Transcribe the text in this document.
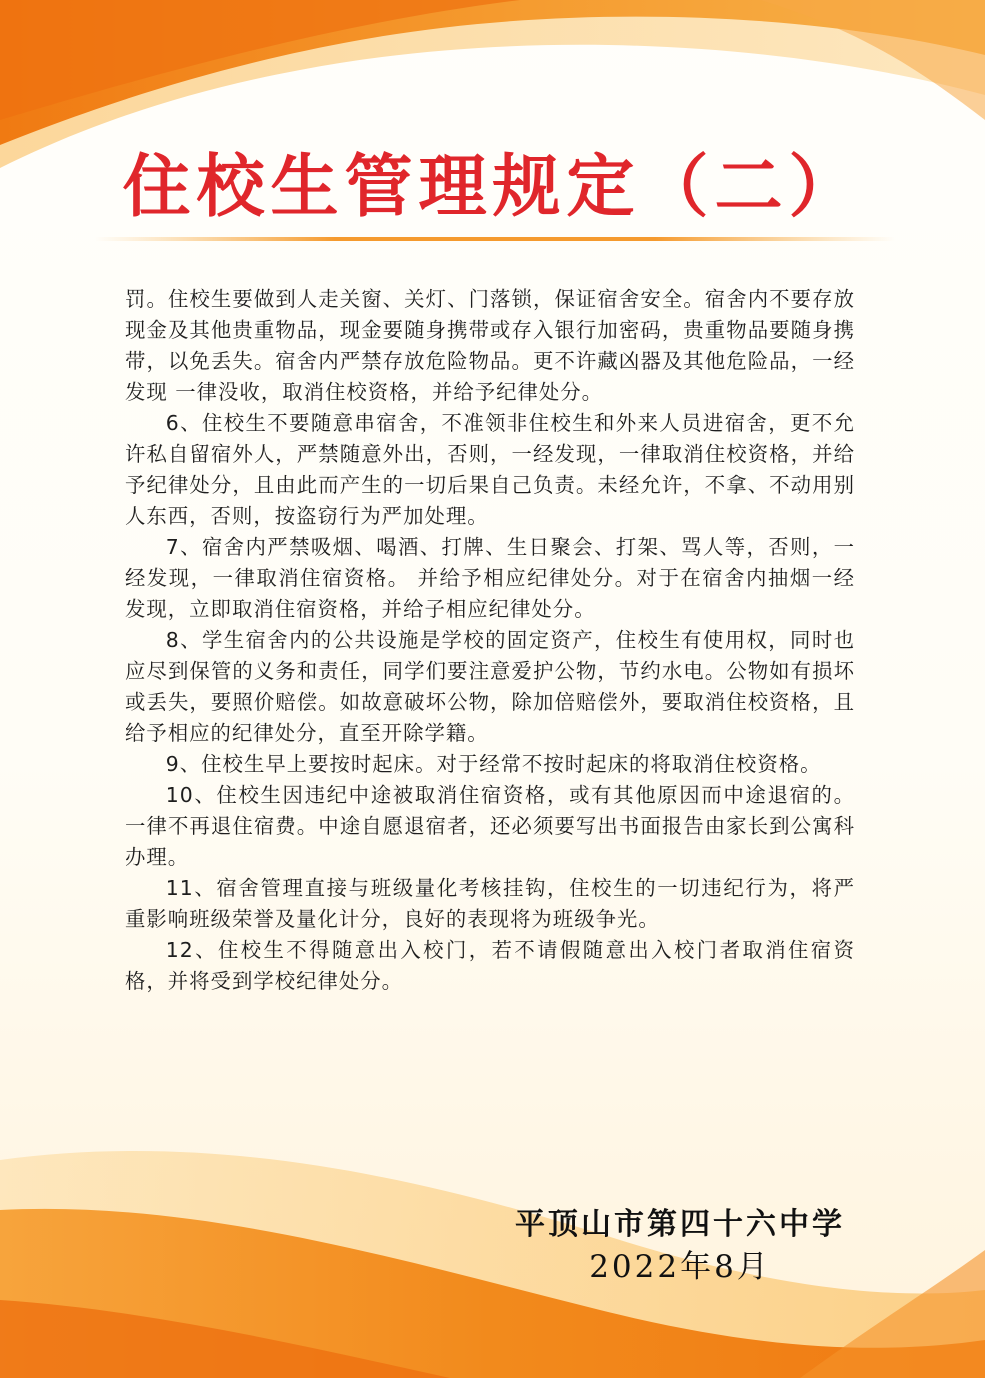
住校生管理规定（二）

罚。住校生要做到人走关窗、关灯、门落锁，保证宿舍安全。宿舍内不要存放现金及其他贵重物品，现金要随身携带或存入银行加密码，贵重物品要随身携带，以免丢失。宿舍内严禁存放危险物品。更不许藏凶器及其他危险品，一经发现 一律没收，取消住校资格，并给予纪律处分。

6、住校生不要随意串宿舍，不准领非住校生和外来人员进宿舍，更不允许私自留宿外人，严禁随意外出，否则，一经发现，一律取消住校资格，并给予纪律处分，且由此而产生的一切后果自己负责。未经允许，不拿、不动用别人东西，否则，按盗窃行为严加处理。

7、宿舍内严禁吸烟、喝酒、打牌、生日聚会、打架、骂人等，否则，一经发现，一律取消住宿资格。 并给予相应纪律处分。对于在宿舍内抽烟一经发现，立即取消住宿资格，并给子相应纪律处分。

8、学生宿舍内的公共设施是学校的固定资产，住校生有使用权，同时也应尽到保管的义务和责任，同学们要注意爱护公物，节约水电。公物如有损坏或丢失，要照价赔偿。如故意破坏公物，除加倍赔偿外，要取消住校资格，且给予相应的纪律处分，直至开除学籍。

9、住校生早上要按时起床。对于经常不按时起床的将取消住校资格。

10、住校生因违纪中途被取消住宿资格，或有其他原因而中途退宿的。 一律不再退住宿费。中途自愿退宿者，还必须要写出书面报告由家长到公寓科办理。

11、宿舍管理直接与班级量化考核挂钩，住校生的一切违纪行为，将严重影响班级荣誉及量化计分，良好的表现将为班级争光。

12、住校生不得随意出入校门，若不请假随意出入校门者取消住宿资格，并将受到学校纪律处分。

平顶山市第四十六中学
2022年8月
